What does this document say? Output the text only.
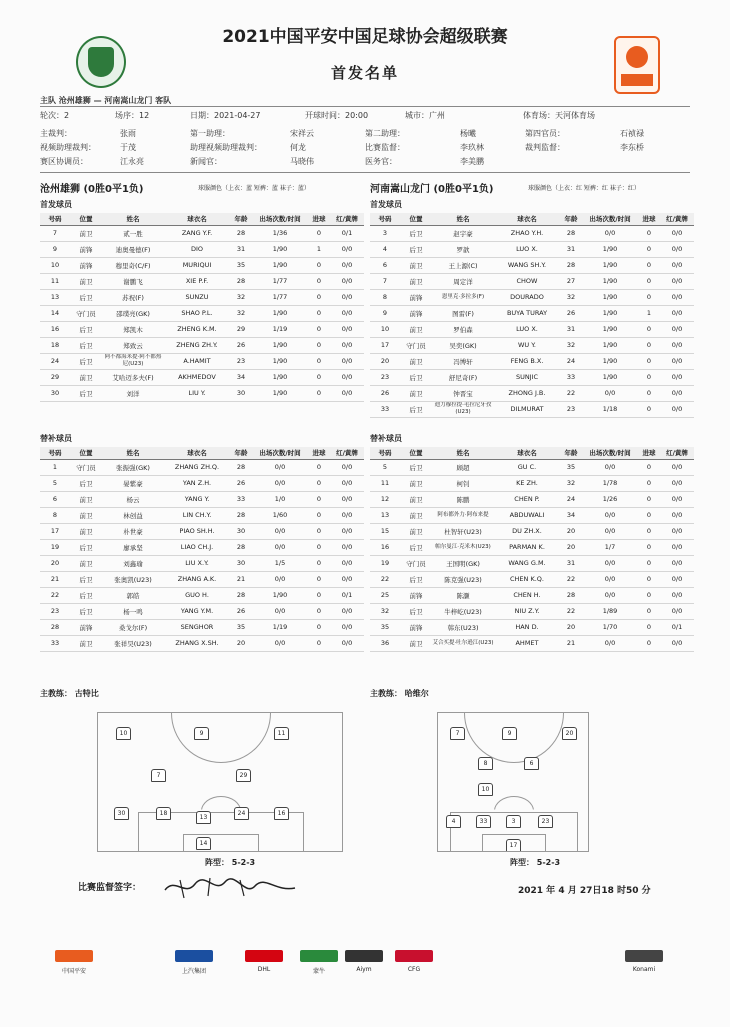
2021中国平安中国足球协会超级联赛
首发名单
主队 沧州雄狮 — 河南嵩山龙门 客队
轮次：2	场序：12	日期：2021-04-27	开球时间：20:00	城市：广州	体育场：天河体育场
主裁判：	张雨	第一助理：	宋祥云	第二助理：	杨曦	第四官员：	石祯禄
视频助理裁判：	于茂	助理视频助理裁判：	何龙	比赛监督：	李玖林	裁判监督：	李东桥
赛区协调员：	江永亮	新闻官：	马晓伟	医务官：	李美鹏
沧州雄狮 (0胜0平1负)	球服颜色（上衣：蓝 短裤：蓝 袜子：蓝）	河南嵩山龙门 (0胜0平1负)	球服颜色（上衣：红 短裤：红 袜子：红）
首发球员	首发球员
号码	位置	姓名	球衣名	年龄	出场次数/时间	进球	红/黄牌
7	前卫	贰一胜	ZANG Y.F.	28	1/36	0	0/1
9	前锋	迪奥曼德(F)	DIO	31	1/90	1	0/0
10	前锋	穆里奇(C/F)	MURIQUI	35	1/90	0	0/0
11	前卫	谢鹏飞	XIE P.F.	28	1/77	0	0/0
13	后卫	苏祝(F)	SUNZU	32	1/77	0	0/0
14	守门员	邵璞亮(GK)	SHAO P.L.	32	1/90	0	0/0
16	后卫	郑凯木	ZHENG K.M.	29	1/19	0	0/0
18	后卫	郑致云	ZHENG ZH.Y.	26	1/90	0	0/0
24	后卫	阿不都海米提·阿不都热尼(U23)	A.HAMIT	23	1/90	0	0/0
29	前卫	艾哈迈多夫(F)	AKHMEDOV	34	1/90	0	0/0
30	后卫	刘洋	LIU Y.	30	1/90	0	0/0
号码	位置	姓名	球衣名	年龄	出场次数/时间	进球	红/黄牌
3	后卫	赵宇豪	ZHAO Y.H.	28	0/0	0	0/0
4	后卫	罗歆	LUO X.	31	1/90	0	0/0
6	前卫	王上源(C)	WANG SH.Y.	28	1/90	0	0/0
7	前卫	周定洋	CHOW	27	1/90	0	0/0
8	前锋	恩里克·多拉多(F)	DOURADO	32	1/90	0	0/0
9	前锋	图雷(F)	BUYA TURAY	26	1/90	1	0/0
10	前卫	罗伯森	LUO X.	31	1/90	0	0/0
17	守门员	吴奕(GK)	WU Y.	32	1/90	0	0/0
20	前卫	冯博轩	FENG B.X.	24	1/90	0	0/0
23	后卫	舒尼奇(F)	SUNJIC	33	1/90	0	0/0
26	前卫	钟晋宝	ZHONG J.B.	22	0/0	0	0/0
33	后卫	迪力穆拉提·毛拉尼牙孜(U23)	DILMURAT	23	1/18	0	0/0
替补球员	替补球员
号码	位置	姓名	球衣名	年龄	出场次数/时间	进球	红/黄牌
1	守门员	张振强(GK)	ZHANG ZH.Q.	28	0/0	0	0/0
5	后卫	晏紫豪	YAN Z.H.	26	0/0	0	0/0
6	前卫	杨云	YANG Y.	33	1/0	0	0/0
8	前卫	林创益	LIN CH.Y.	28	1/60	0	0/0
17	前卫	朴世豪	PIAO SH.H.	30	0/0	0	0/0
19	后卫	廖承坚	LIAO CH.J.	28	0/0	0	0/0
20	前卫	刘鑫瑜	LIU X.Y.	30	1/5	0	0/0
21	后卫	张奥凯(U23)	ZHANG A.K.	21	0/0	0	0/0
22	后卫	郭皓	GUO H.	28	1/90	0	0/1
23	后卫	杨一鸣	YANG Y.M.	26	0/0	0	0/0
28	前锋	桑戈尔(F)	SENGHOR	35	1/19	0	0/0
33	前卫	张祥昊(U23)	ZHANG X.SH.	20	0/0	0	0/0
号码	位置	姓名	球衣名	年龄	出场次数/时间	进球	红/黄牌
5	后卫	顾超	GU C.	35	0/0	0	0/0
11	前卫	柯钊	KE ZH.	32	1/78	0	0/0
12	前卫	陈鹏	CHEN P.	24	1/26	0	0/0
13	前卫	阿布都外力·阿布来提	ABDUWALI	34	0/0	0	0/0
15	前卫	杜智轩(U23)	DU ZH.X.	20	0/0	0	0/0
16	后卫	帕尔曼江·克米木(U23)	PARMAN K.	20	1/7	0	0/0
19	守门员	王国明(GK)	WANG G.M.	31	0/0	0	0/0
22	后卫	陈克强(U23)	CHEN K.Q.	22	0/0	0	0/0
25	前锋	陈灏	CHEN H.	28	0/0	0	0/0
32	后卫	牛梓屹(U23)	NIU Z.Y.	22	1/89	0	0/0
35	前锋	韩东(U23)	HAN D.	20	1/70	0	0/1
36	前卫	艾合买提·吐尔逊江(U23)	AHMET	21	0/0	0	0/0
主教练： 古特比	主教练： 哈维尔
10	9	11
7	29
30	18
13
24	16
14
7	9	20
8	6
10
4	33	3	23
17
阵型： 5-2-3	阵型： 5-2-3
比赛监督签字：	2021 年 4 月 27日18 时50 分
中国平安	上汽集团	DHL	蒙牛	Aiym	CFG	Konami
